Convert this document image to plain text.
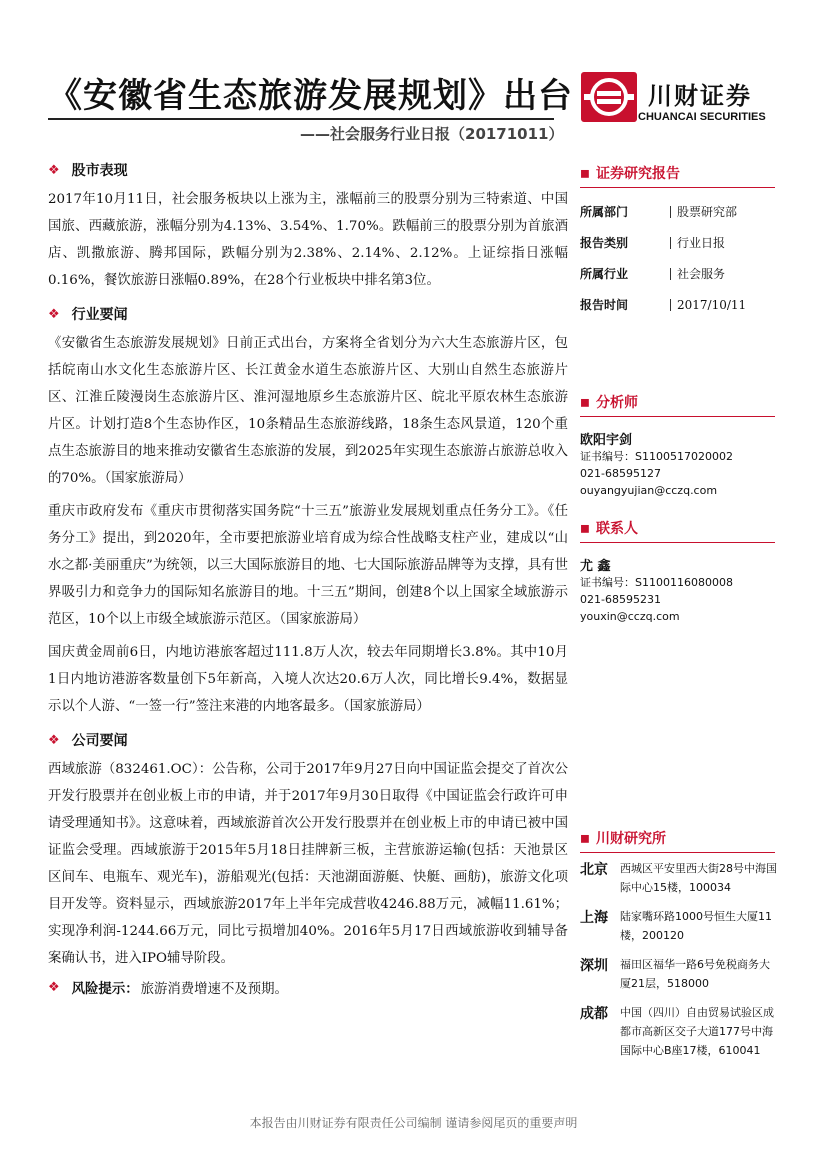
《安徽省生态旅游发展规划》出台
——社会服务行业日报（20171011）
川财证券
CHUANCAI SECURITIES
❖ 股市表现

2017年10月11日，社会服务板块以上涨为主，涨幅前三的股票分别为三特索道、中国国旅、西藏旅游，涨幅分别为4.13%、3.54%、1.70%。跌幅前三的股票分别为首旅酒店、凯撒旅游、腾邦国际，跌幅分别为2.38%、2.14%、2.12%。上证综指日涨幅0.16%，餐饮旅游日涨幅0.89%，在28个行业板块中排名第3位。

❖ 行业要闻

《安徽省生态旅游发展规划》日前正式出台，方案将全省划分为六大生态旅游片区，包括皖南山水文化生态旅游片区、长江黄金水道生态旅游片区、大别山自然生态旅游片区、江淮丘陵漫岗生态旅游片区、淮河湿地原乡生态旅游片区、皖北平原农林生态旅游片区。计划打造8个生态协作区，10条精品生态旅游线路，18条生态风景道，120个重点生态旅游目的地来推动安徽省生态旅游的发展，到2025年实现生态旅游占旅游总收入的70%。（国家旅游局）

重庆市政府发布《重庆市贯彻落实国务院“十三五”旅游业发展规划重点任务分工》。《任务分工》提出，到2020年，全市要把旅游业培育成为综合性战略支柱产业，建成以“山水之都·美丽重庆”为统领，以三大国际旅游目的地、七大国际旅游品牌等为支撑，具有世界吸引力和竞争力的国际知名旅游目的地。十三五”期间，创建8个以上国家全域旅游示范区，10个以上市级全域旅游示范区。（国家旅游局）

国庆黄金周前6日，内地访港旅客超过111.8万人次，较去年同期增长3.8%。其中10月1日内地访港游客数量创下5年新高，入境人次达20.6万人次，同比增长9.4%，数据显示以个人游、“一签一行”签注来港的内地客最多。（国家旅游局）

❖ 公司要闻

西域旅游（832461.OC）：公告称，公司于2017年9月27日向中国证监会提交了首次公开发行股票并在创业板上市的申请，并于2017年9月30日取得《中国证监会行政许可申请受理通知书》。这意味着，西域旅游首次公开发行股票并在创业板上市的申请已被中国证监会受理。西域旅游于2015年5月18日挂牌新三板，主营旅游运输(包括：天池景区区间车、电瓶车、观光车)，游船观光(包括：天池湖面游艇、快艇、画舫)，旅游文化项目开发等。资料显示，西域旅游2017年上半年完成营收4246.88万元，减幅11.61%；实现净利润-1244.66万元，同比亏损增加40%。2016年5月17日西域旅游收到辅导备案确认书，进入IPO辅导阶段。

❖ 风险提示： 旅游消费增速不及预期。
◼ 证券研究报告
所属部门	股票研究部
报告类别	行业日报
所属行业	社会服务
报告时间	2017/10/11
◼ 分析师
欧阳宇剑
证书编号：S1100517020002
021-68595127
ouyangyujian@cczq.com
◼ 联系人
尤 鑫
证书编号：S1100116080008
021-68595231
youxin@cczq.com
◼ 川财研究所
北京	西城区平安里西大街28号中海国际中心15楼，100034
上海	陆家嘴环路1000号恒生大厦11楼，200120
深圳	福田区福华一路6号免税商务大厦21层，518000
成都	中国（四川）自由贸易试验区成都市高新区交子大道177号中海国际中心B座17楼，610041
本报告由川财证券有限责任公司编制 谨请参阅尾页的重要声明
